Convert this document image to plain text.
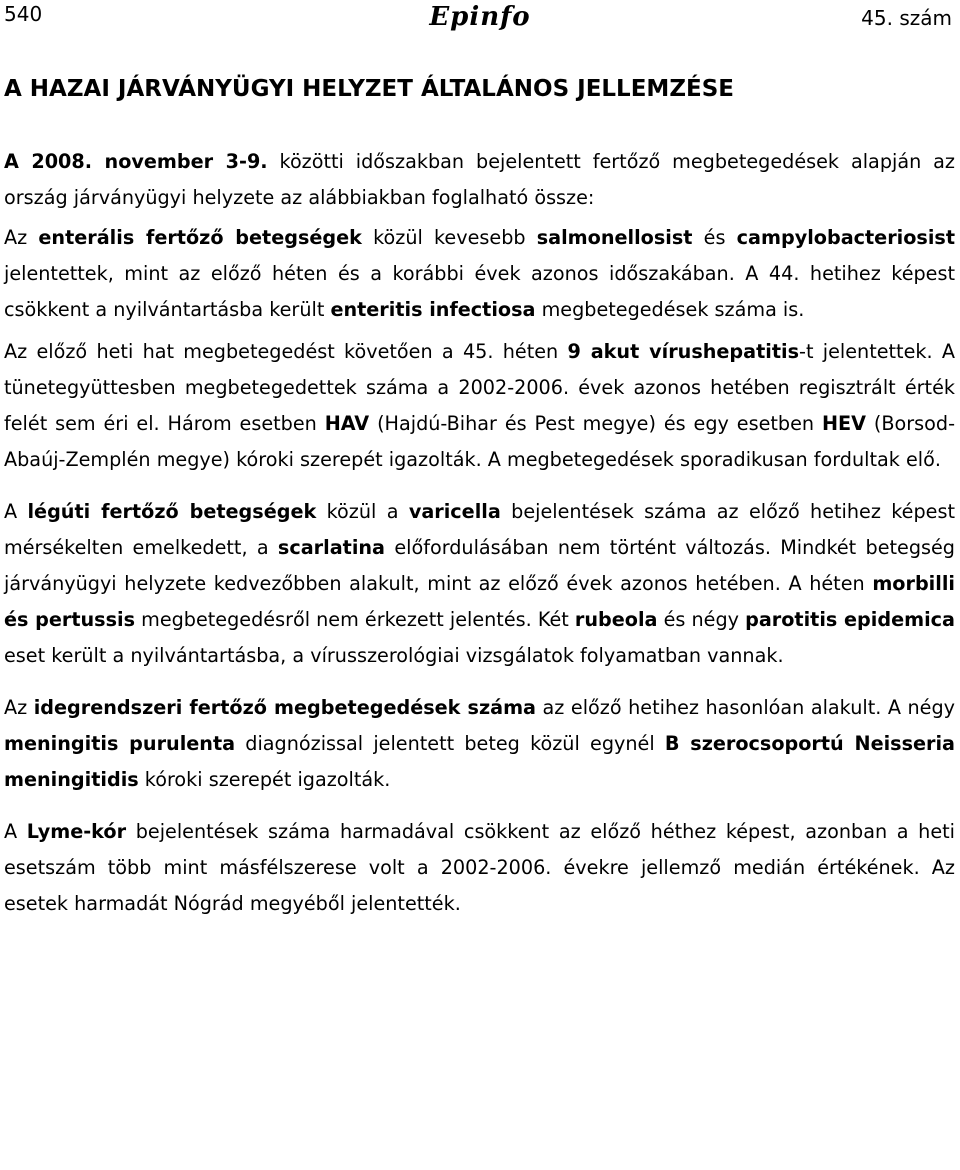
540	Epinfo	45. szám
A HAZAI JÁRVÁNYÜGYI HELYZET ÁLTALÁNOS JELLEMZÉSE

A 2008. november 3-9. közötti időszakban bejelentett fertőző megbetegedések alapján az ország járványügyi helyzete az alábbiakban foglalható össze:

Az enterális fertőző betegségek közül kevesebb salmonellosist és campylobacteriosist jelentettek, mint az előző héten és a korábbi évek azonos időszakában. A 44. hetihez képest csökkent a nyilvántartásba került enteritis infectiosa megbetegedések száma is.

Az előző heti hat megbetegedést követően a 45. héten 9 akut vírushepatitis-t jelentettek. A tünetegyüttesben megbetegedettek száma a 2002-2006. évek azonos hetében regisztrált érték felét sem éri el. Három esetben HAV (Hajdú-Bihar és Pest megye) és egy esetben HEV (Borsod-Abaúj-Zemplén megye) kóroki szerepét igazolták. A megbetegedések sporadikusan fordultak elő.

A légúti fertőző betegségek közül a varicella bejelentések száma az előző hetihez képest mérsékelten emelkedett, a scarlatina előfordulásában nem történt változás. Mindkét betegség járványügyi helyzete kedvezőbben alakult, mint az előző évek azonos hetében. A héten morbilli és pertussis megbetegedésről nem érkezett jelentés. Két rubeola és négy parotitis epidemica eset került a nyilvántartásba, a vírusszerológiai vizsgálatok folyamatban vannak.

Az idegrendszeri fertőző megbetegedések száma az előző hetihez hasonlóan alakult. A négy meningitis purulenta diagnózissal jelentett beteg közül egynél B szerocsoportú Neisseria meningitidis kóroki szerepét igazolták.

A Lyme-kór bejelentések száma harmadával csökkent az előző héthez képest, azonban a heti esetszám több mint másfélszerese volt a 2002-2006. évekre jellemző medián értékének. Az esetek harmadát Nógrád megyéből jelentették.
